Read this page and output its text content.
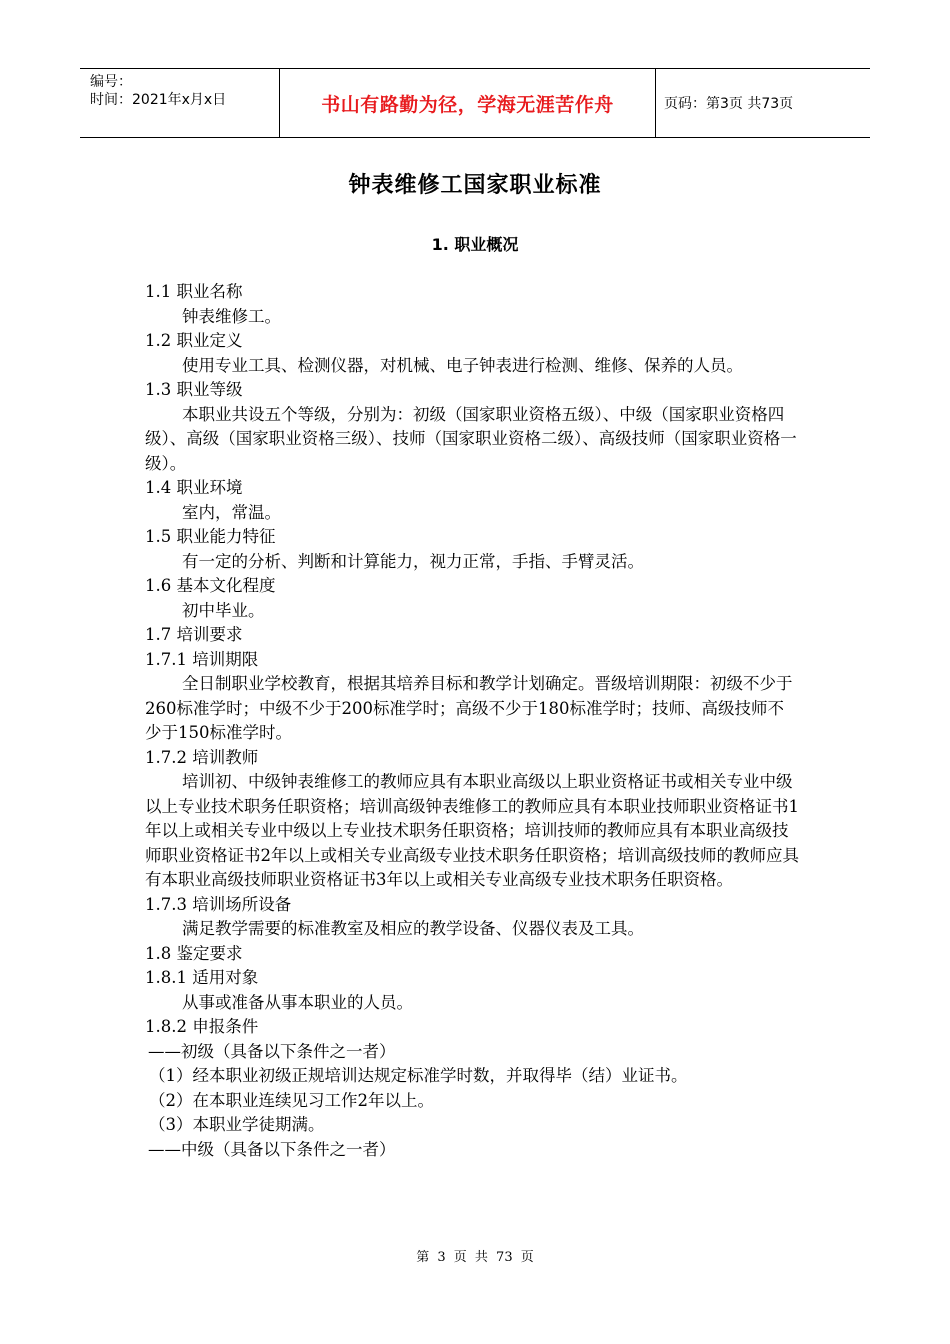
编号：
时间：2021年x月x日	书山有路勤为径，学海无涯苦作舟	页码：第3页 共73页
钟表维修工国家职业标准
1. 职业概况

1.1 职业名称

钟表维修工。

1.2 职业定义

使用专业工具、检测仪器，对机械、电子钟表进行检测、维修、保养的人员。

1.3 职业等级

本职业共设五个等级，分别为：初级（国家职业资格五级）、中级（国家职业资格四级）、高级（国家职业资格三级）、技师（国家职业资格二级）、高级技师（国家职业资格一级）。

1.4 职业环境

室内，常温。

1.5 职业能力特征

有一定的分析、判断和计算能力，视力正常，手指、手臂灵活。

1.6 基本文化程度

初中毕业。

1.7 培训要求

1.7.1 培训期限

全日制职业学校教育，根据其培养目标和教学计划确定。晋级培训期限：初级不少于260标准学时；中级不少于200标准学时；高级不少于180标准学时；技师、高级技师不少于150标准学时。

1.7.2 培训教师

培训初、中级钟表维修工的教师应具有本职业高级以上职业资格证书或相关专业中级以上专业技术职务任职资格；培训高级钟表维修工的教师应具有本职业技师职业资格证书1年以上或相关专业中级以上专业技术职务任职资格；培训技师的教师应具有本职业高级技师职业资格证书2年以上或相关专业高级专业技术职务任职资格；培训高级技师的教师应具有本职业高级技师职业资格证书3年以上或相关专业高级专业技术职务任职资格。

1.7.3 培训场所设备

满足教学需要的标准教室及相应的教学设备、仪器仪表及工具。

1.8 鉴定要求

1.8.1 适用对象

从事或准备从事本职业的人员。

1.8.2 申报条件

——初级（具备以下条件之一者）

（1）经本职业初级正规培训达规定标准学时数，并取得毕（结）业证书。

（2）在本职业连续见习工作2年以上。

（3）本职业学徒期满。

——中级（具备以下条件之一者）

第 3 页 共 73 页
